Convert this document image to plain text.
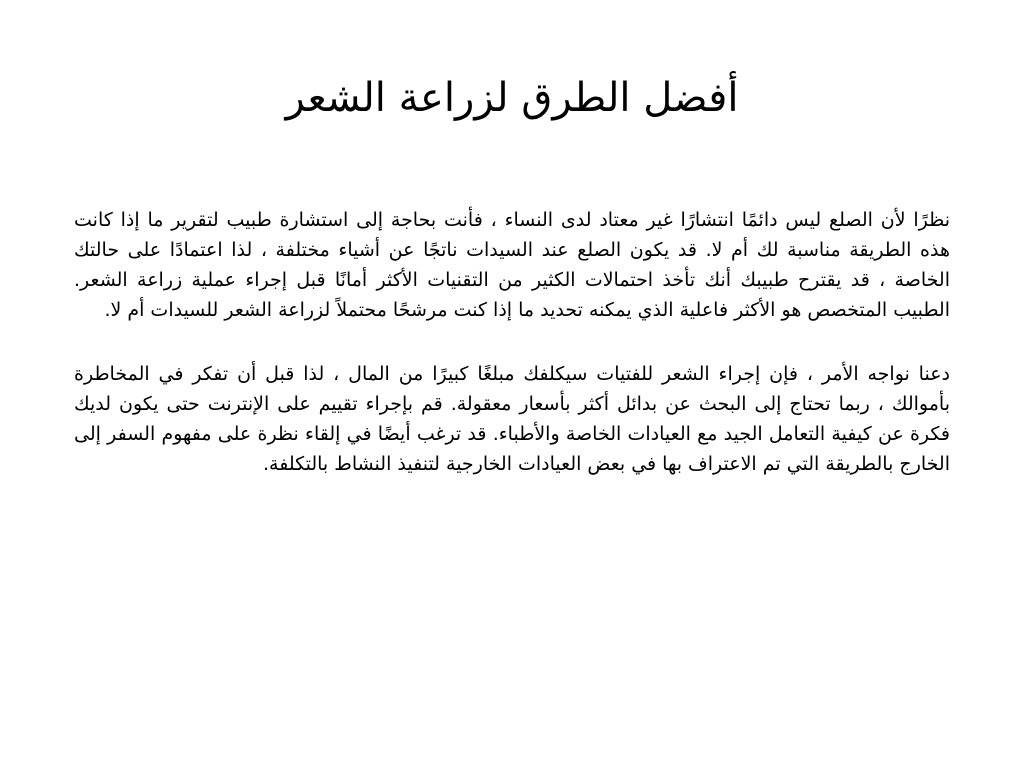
أفضل الطرق لزراعة الشعر

نظرًا لأن الصلع ليس دائمًا انتشارًا غير معتاد لدى النساء ، فأنت بحاجة إلى استشارة طبيب لتقرير ما إذا كانت هذه الطريقة مناسبة لك أم لا. قد يكون الصلع عند السيدات ناتجًا عن أشياء مختلفة ، لذا اعتمادًا على حالتك الخاصة ، قد يقترح طبيبك أنك تأخذ احتمالات الكثير من التقنيات الأكثر أمانًا قبل إجراء عملية زراعة الشعر. الطبيب المتخصص هو الأكثر فاعلية الذي يمكنه تحديد ما إذا كنت مرشحًا محتملاً لزراعة الشعر للسيدات أم لا.

دعنا نواجه الأمر ، فإن إجراء الشعر للفتيات سيكلفك مبلغًا كبيرًا من المال ، لذا قبل أن تفكر في المخاطرة بأموالك ، ربما تحتاج إلى البحث عن بدائل أكثر بأسعار معقولة. قم بإجراء تقييم على الإنترنت حتى يكون لديك فكرة عن كيفية التعامل الجيد مع العيادات الخاصة والأطباء. قد ترغب أيضًا في إلقاء نظرة على مفهوم السفر إلى الخارج بالطريقة التي تم الاعتراف بها في بعض العيادات الخارجية لتنفيذ النشاط بالتكلفة.
